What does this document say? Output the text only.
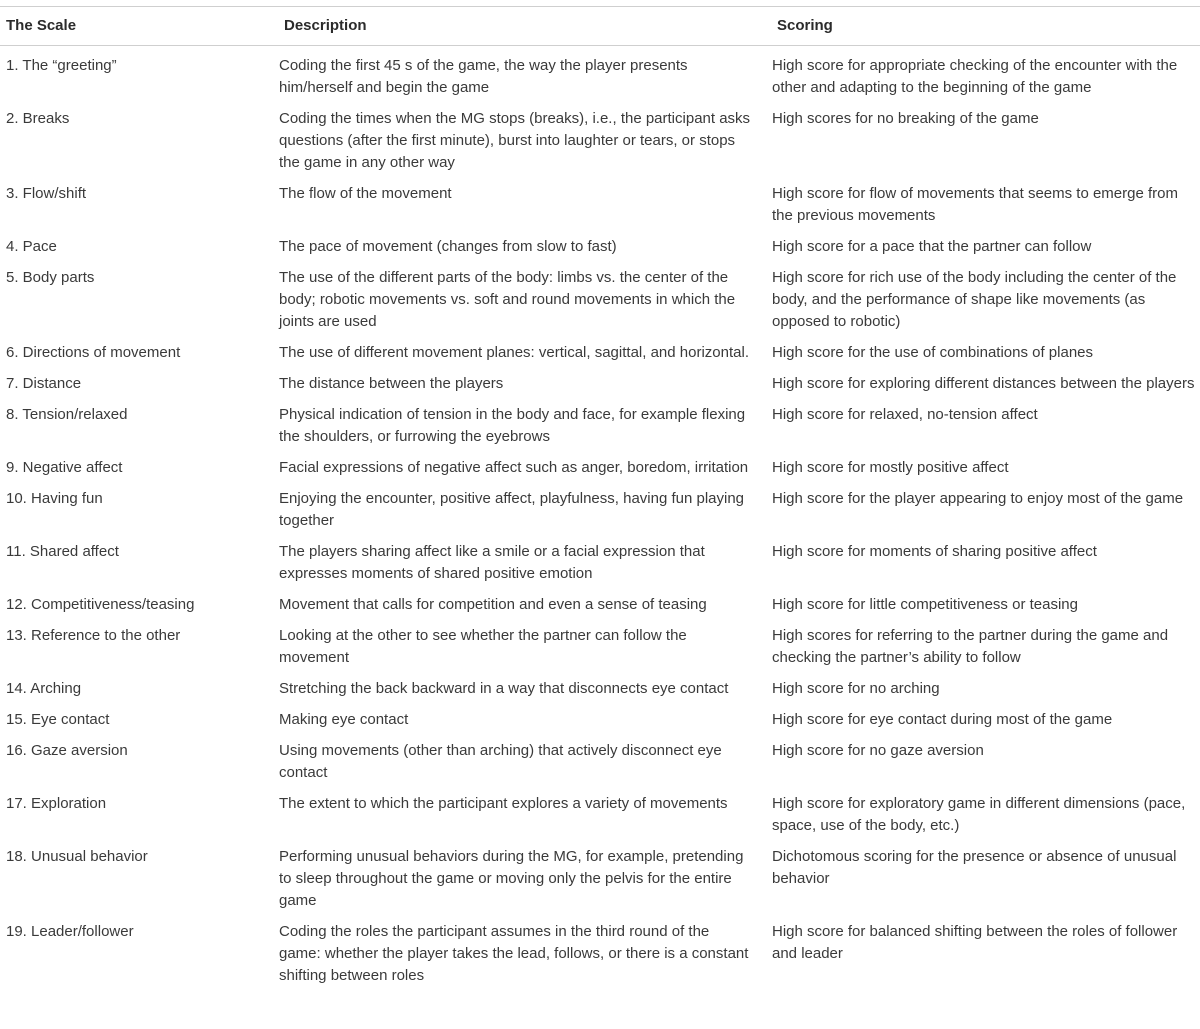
The Scale	Description	Scoring
1. The “greeting”	Coding the first 45 s of the game, the way the player presents him/herself and begin the game	High score for appropriate checking of the encounter with the other and adapting to the beginning of the game
2. Breaks	Coding the times when the MG stops (breaks), i.e., the participant asks questions (after the first minute), burst into laughter or tears, or stops the game in any other way	High scores for no breaking of the game
3. Flow/shift	The flow of the movement	High score for flow of movements that seems to emerge from the previous movements
4. Pace	The pace of movement (changes from slow to fast)	High score for a pace that the partner can follow
5. Body parts	The use of the different parts of the body: limbs vs. the center of the body; robotic movements vs. soft and round movements in which the joints are used	High score for rich use of the body including the center of the body, and the performance of shape like movements (as opposed to robotic)
6. Directions of movement	The use of different movement planes: vertical, sagittal, and horizontal.	High score for the use of combinations of planes
7. Distance	The distance between the players	High score for exploring different distances between the players
8. Tension/relaxed	Physical indication of tension in the body and face, for example flexing the shoulders, or furrowing the eyebrows	High score for relaxed, no-tension affect
9. Negative affect	Facial expressions of negative affect such as anger, boredom, irritation	High score for mostly positive affect
10. Having fun	Enjoying the encounter, positive affect, playfulness, having fun playing together	High score for the player appearing to enjoy most of the game
11. Shared affect	The players sharing affect like a smile or a facial expression that expresses moments of shared positive emotion	High score for moments of sharing positive affect
12. Competitiveness/teasing	Movement that calls for competition and even a sense of teasing	High score for little competitiveness or teasing
13. Reference to the other	Looking at the other to see whether the partner can follow the movement	High scores for referring to the partner during the game and checking the partner’s ability to follow
14. Arching	Stretching the back backward in a way that disconnects eye contact	High score for no arching
15. Eye contact	Making eye contact	High score for eye contact during most of the game
16. Gaze aversion	Using movements (other than arching) that actively disconnect eye contact	High score for no gaze aversion
17. Exploration	The extent to which the participant explores a variety of movements	High score for exploratory game in different dimensions (pace, space, use of the body, etc.)
18. Unusual behavior	Performing unusual behaviors during the MG, for example, pretending to sleep throughout the game or moving only the pelvis for the entire game	Dichotomous scoring for the presence or absence of unusual behavior
19. Leader/follower	Coding the roles the participant assumes in the third round of the game: whether the player takes the lead, follows, or there is a constant shifting between roles	High score for balanced shifting between the roles of follower and leader
